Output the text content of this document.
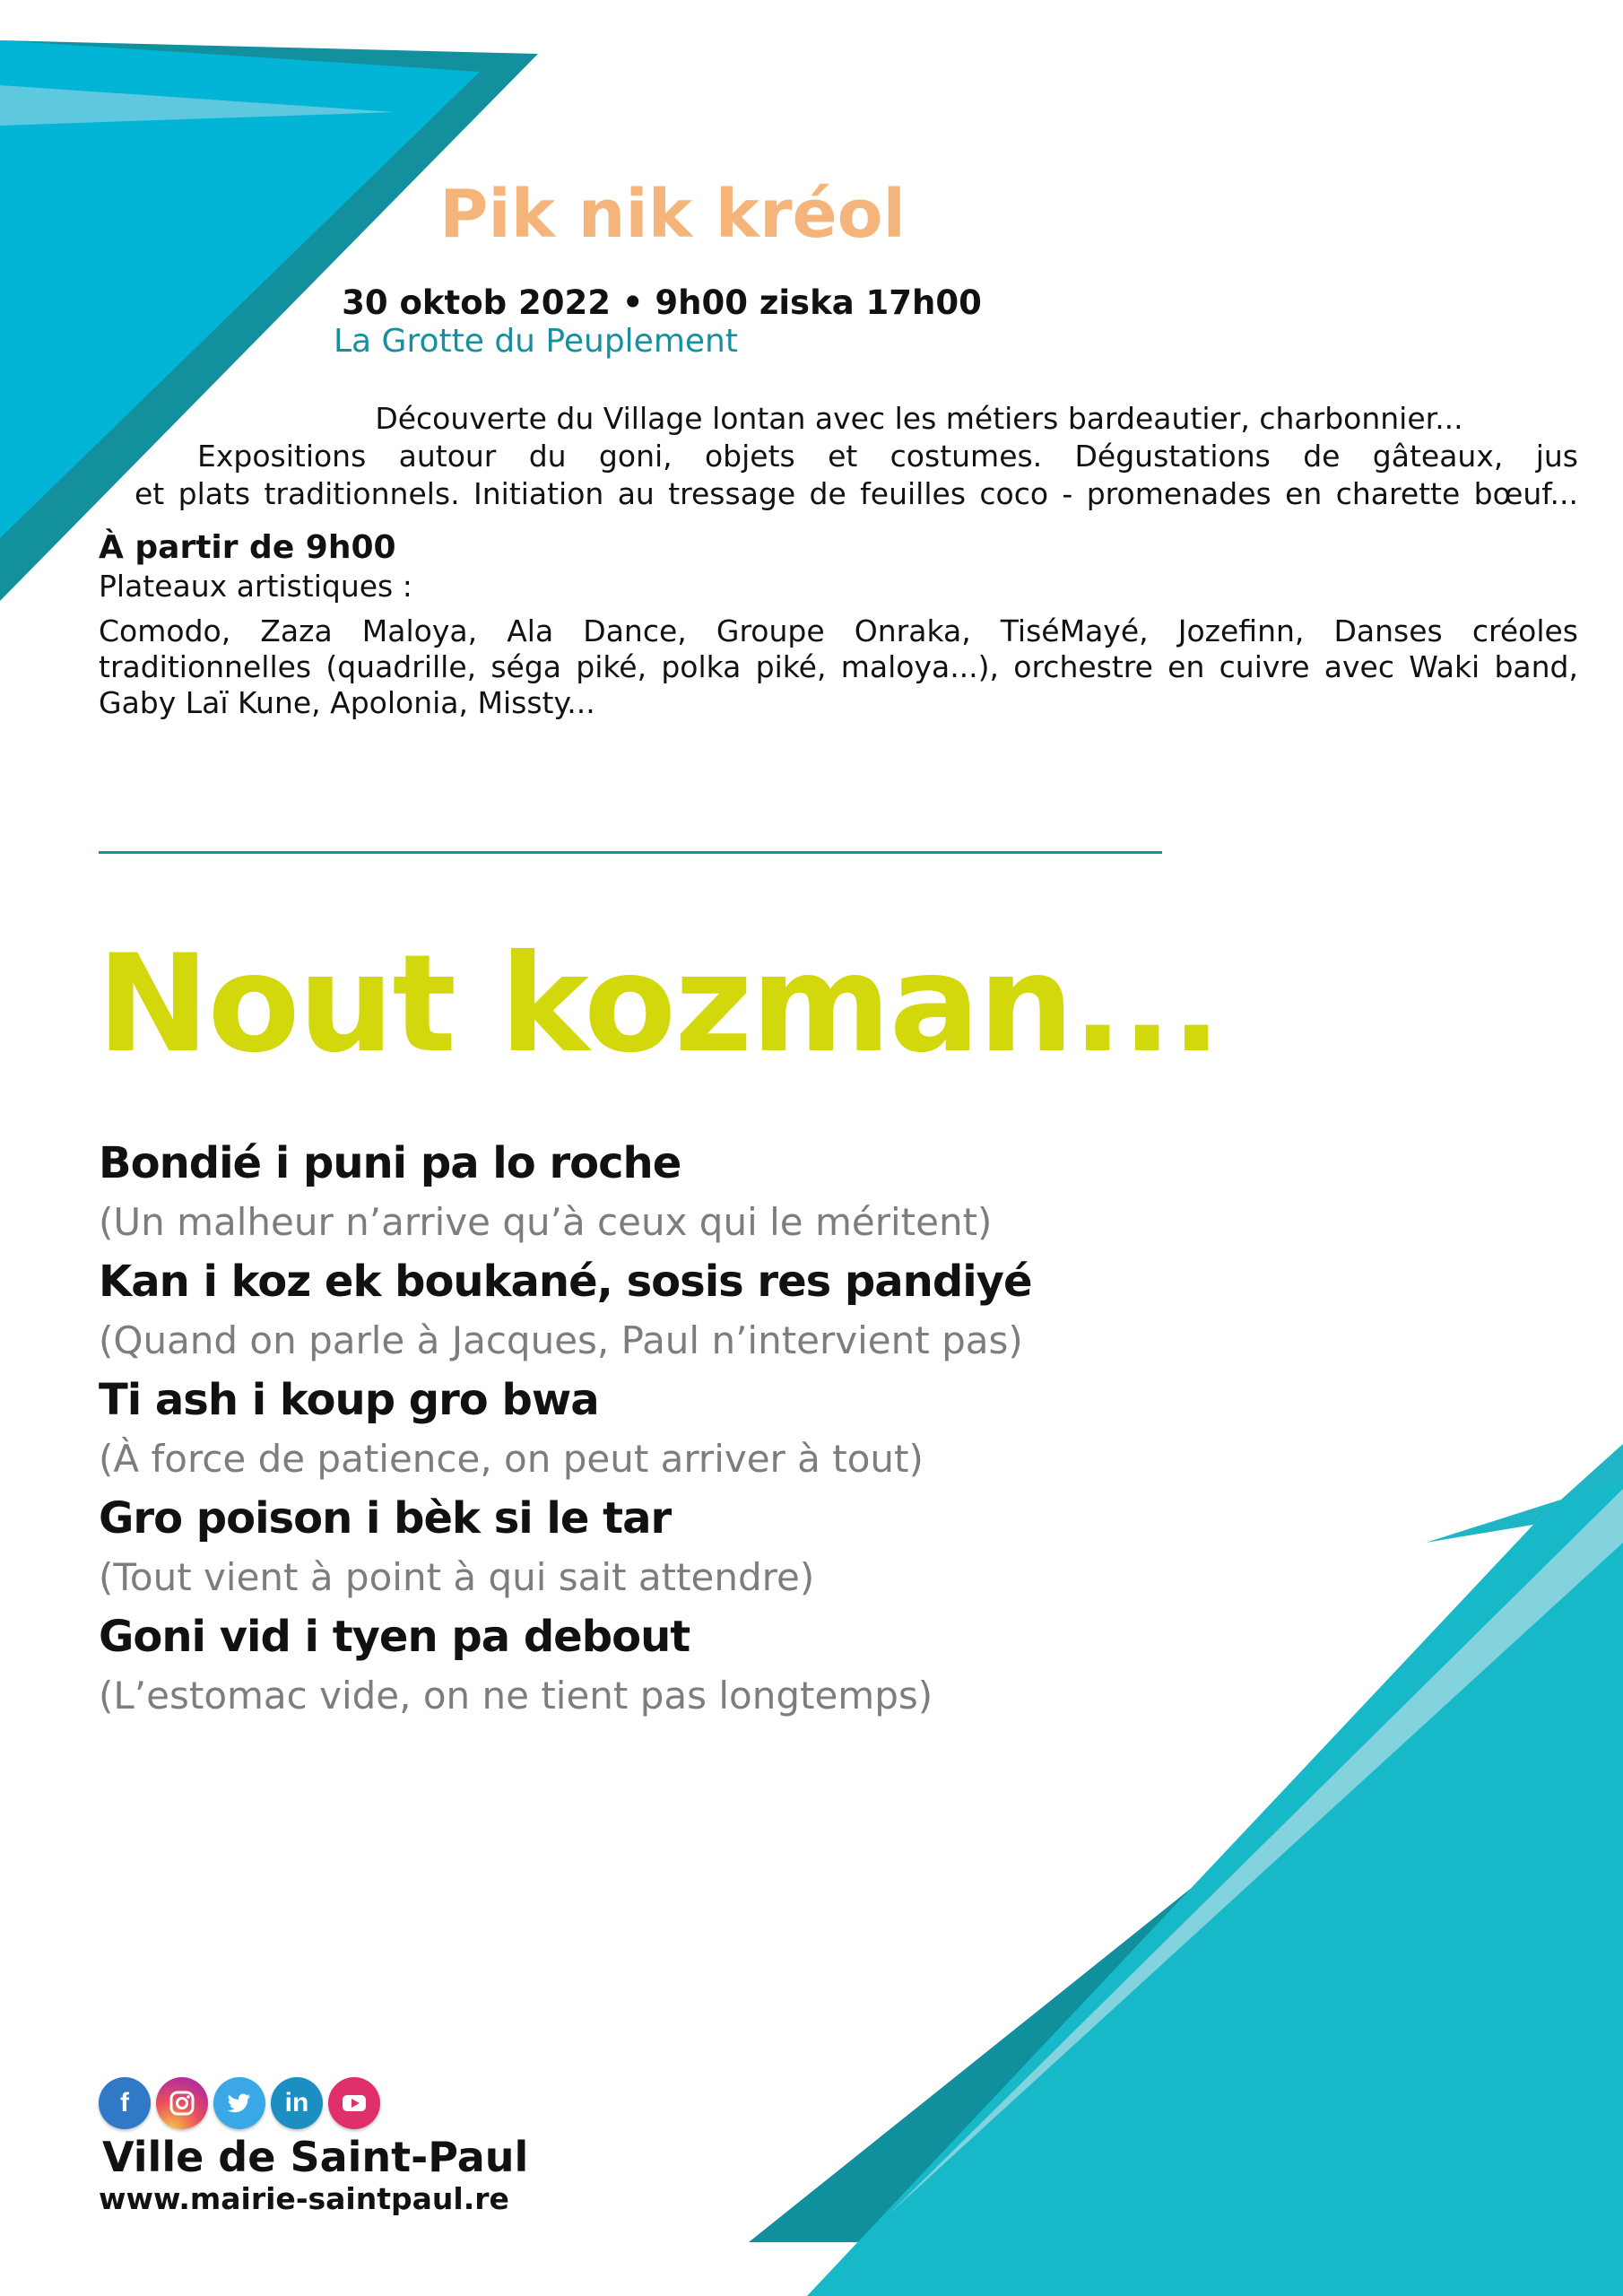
Pik nik kréol
30 oktob 2022 • 9h00 ziska 17h00
La Grotte du Peuplement
Découverte du Village lontan avec les métiers bardeautier, charbonnier...
Expositions autour du goni, objets et costumes. Dégustations de gâteaux, jus
et plats traditionnels. Initiation au tressage de feuilles coco - promenades en charette bœuf...
À partir de 9h00
Plateaux artistiques :
Comodo, Zaza Maloya, Ala Dance, Groupe Onraka, TiséMayé, Jozefinn, Danses créoles traditionnelles (quadrille, séga piké, polka piké, maloya...), orchestre en cuivre avec Waki band, Gaby Laï Kune, Apolonia, Missty...
Nout kozman...
Bondié i puni pa lo roche
(Un malheur n’arrive qu’à ceux qui le méritent)
Kan i koz ek boukané, sosis res pandiyé
(Quand on parle à Jacques, Paul n’intervient pas)
Ti ash i koup gro bwa
(À force de patience, on peut arriver à tout)
Gro poison i bèk si le tar
(Tout vient à point à qui sait attendre)
Goni vid i tyen pa debout
(L’estomac vide, on ne tient pas longtemps)
f	in
Ville de Saint-Paul
www.mairie-saintpaul.re
